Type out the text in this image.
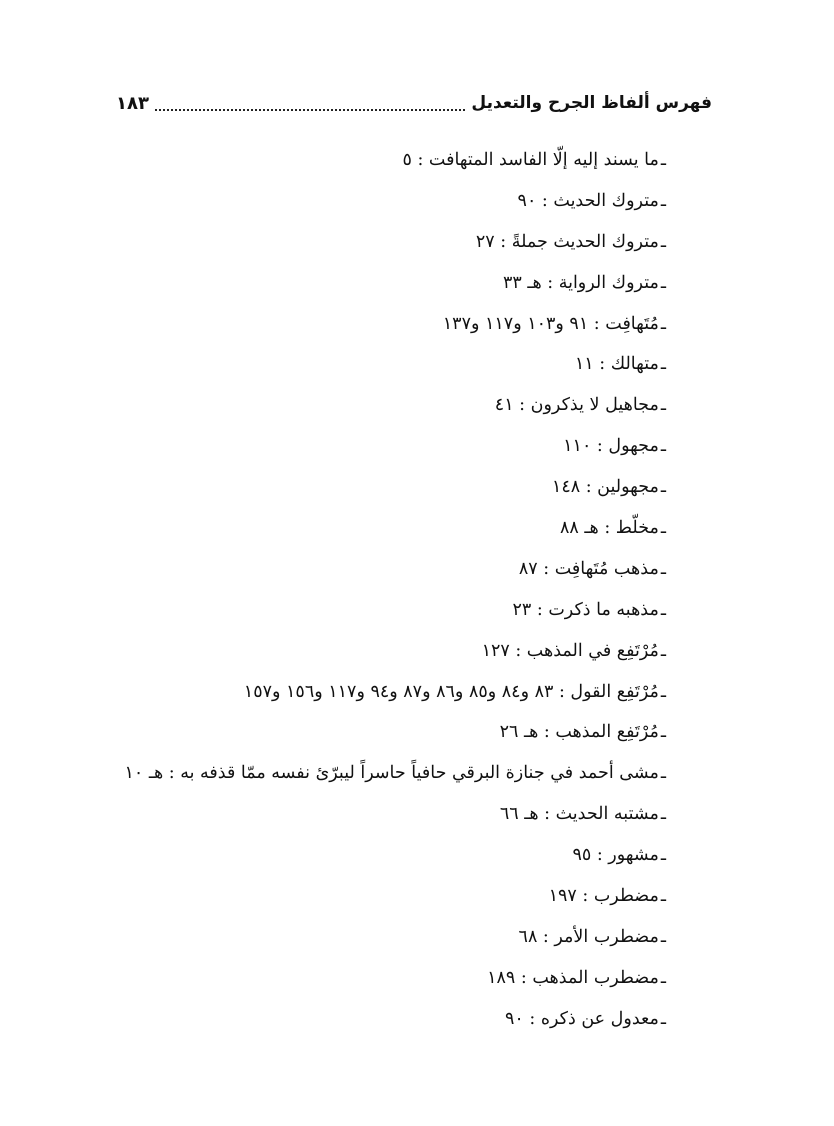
فهرس ألفاظ الجرح والتعديل
١٨٣
ـما يسند إليه إلّا الفاسد المتهافت : ٥
ـمتروك الحديث : ٩٠
ـمتروك الحديث جملةً : ٢٧
ـمتروك الرواية : هـ ٣٣
ـمُتَهافِت : ٩١ و١٠٣ و١١٧ و١٣٧
ـمتهالك : ١١
ـمجاهيل لا يذكرون : ٤١
ـمجهول : ١١٠
ـمجهولين : ١٤٨
ـمخلّط : هـ ٨٨
ـمذهب مُتَهافِت : ٨٧
ـمذهبه ما ذكرت : ٢٣
ـمُرْتَفِع في المذهب : ١٢٧
ـمُرْتَفِع القول : ٨٣ و٨٤ و٨٥ و٨٦ و٨٧ و٩٤ و١١٧ و١٥٦ و١٥٧
ـمُرْتَفِع المذهب : هـ ٢٦
ـمشى أحمد في جنازة البرقي حافياً حاسراً ليبرّئ نفسه ممّا قذفه به : هـ ١٠
ـمشتبه الحديث : هـ ٦٦
ـمشهور : ٩٥
ـمضطرب : ١٩٧
ـمضطرب الأمر : ٦٨
ـمضطرب المذهب : ١٨٩
ـمعدول عن ذكره : ٩٠
